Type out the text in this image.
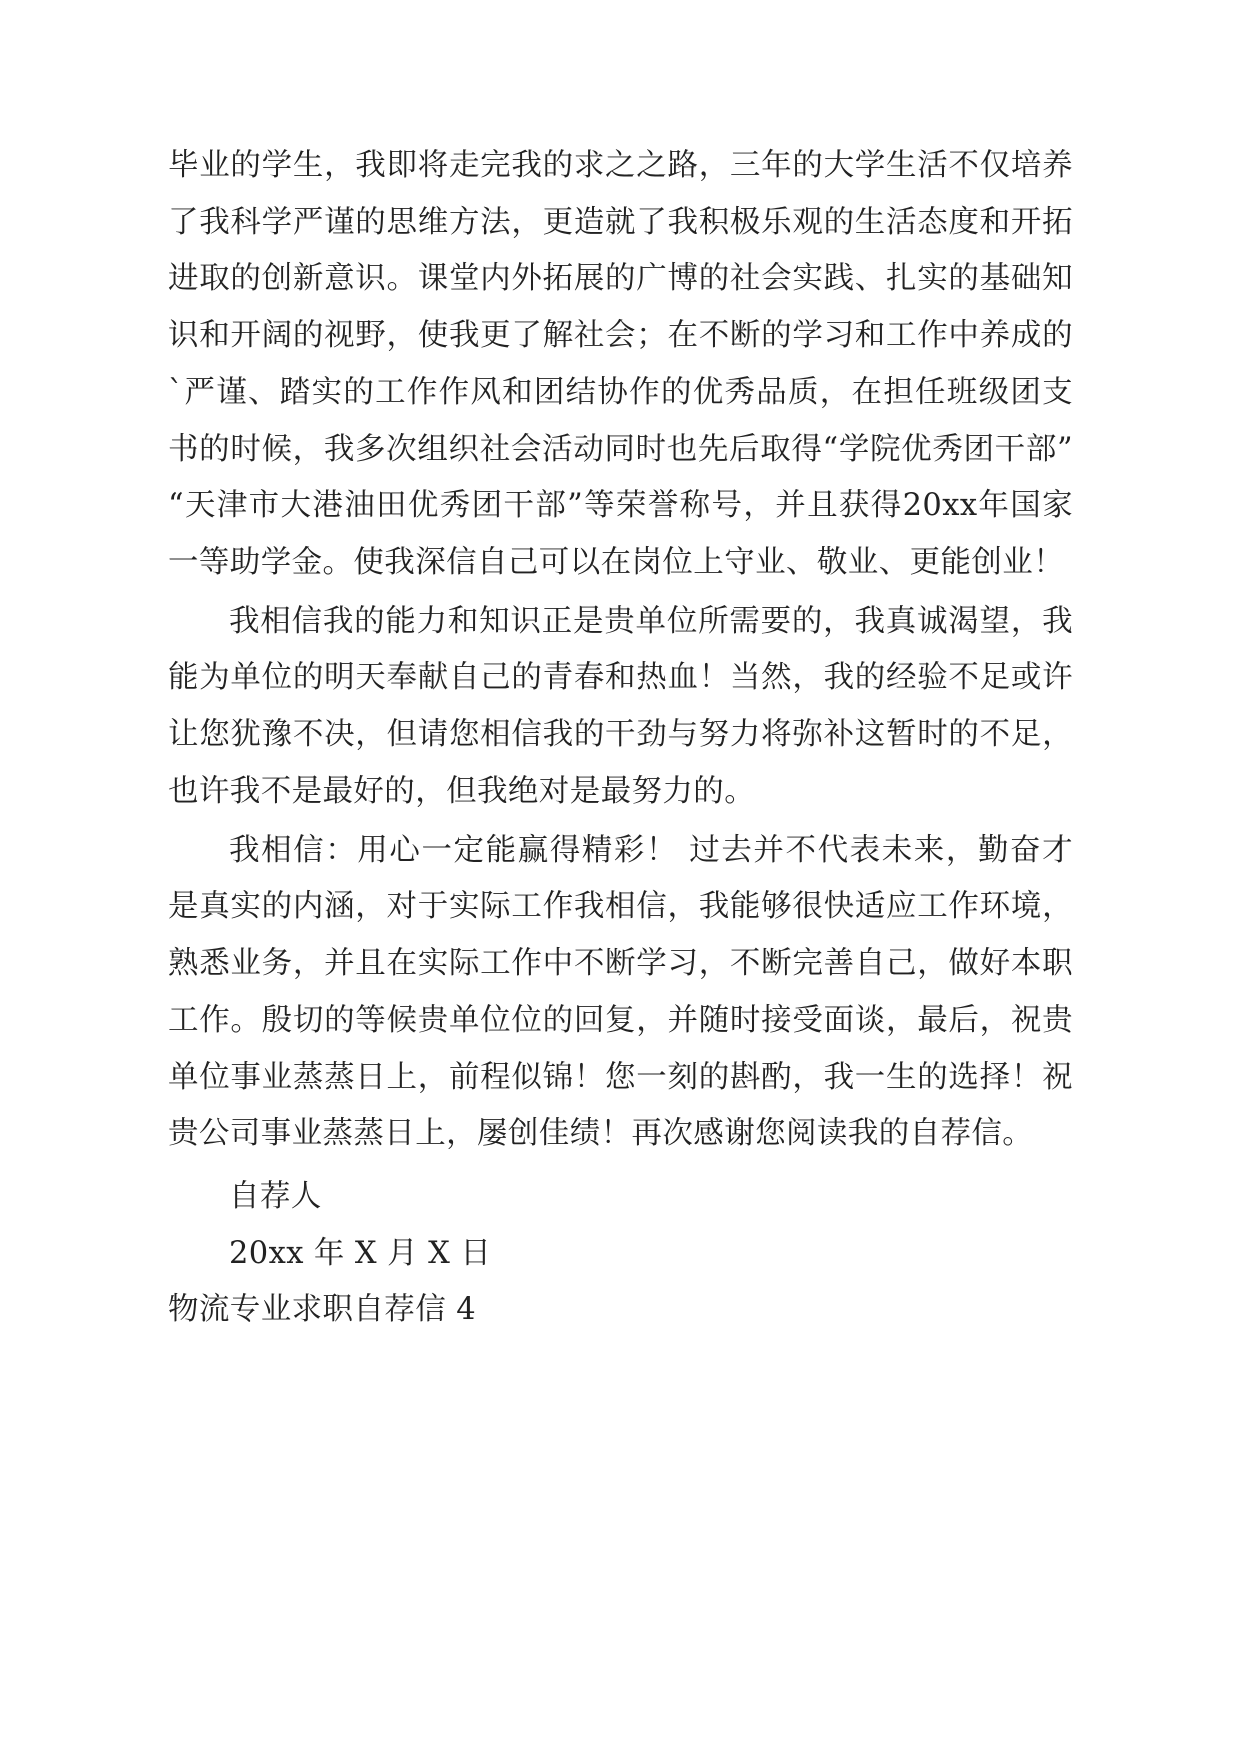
毕业的学生，我即将走完我的求之之路，三年的大学生活不仅培养了我科学严谨的思维方法，更造就了我积极乐观的生活态度和开拓进取的创新意识。课堂内外拓展的广博的社会实践、扎实的基础知识和开阔的视野，使我更了解社会；在不断的学习和工作中养成的`严谨、踏实的工作作风和团结协作的优秀品质，在担任班级团支书的时候，我多次组织社会活动同时也先后取得“学院优秀团干部”“天津市大港油田优秀团干部”等荣誉称号，并且获得20xx年国家一等助学金。使我深信自己可以在岗位上守业、敬业、更能创业！

我相信我的能力和知识正是贵单位所需要的，我真诚渴望，我能为单位的明天奉献自己的青春和热血！当然，我的经验不足或许让您犹豫不决，但请您相信我的干劲与努力将弥补这暂时的不足，也许我不是最好的，但我绝对是最努力的。

我相信：用心一定能赢得精彩！ 过去并不代表未来，勤奋才是真实的内涵，对于实际工作我相信，我能够很快适应工作环境，熟悉业务，并且在实际工作中不断学习，不断完善自己，做好本职工作。殷切的等候贵单位位的回复，并随时接受面谈，最后，祝贵单位事业蒸蒸日上，前程似锦！您一刻的斟酌，我一生的选择！祝贵公司事业蒸蒸日上，屡创佳绩！再次感谢您阅读我的自荐信。

自荐人

20xx 年 X 月 X 日

物流专业求职自荐信 4
